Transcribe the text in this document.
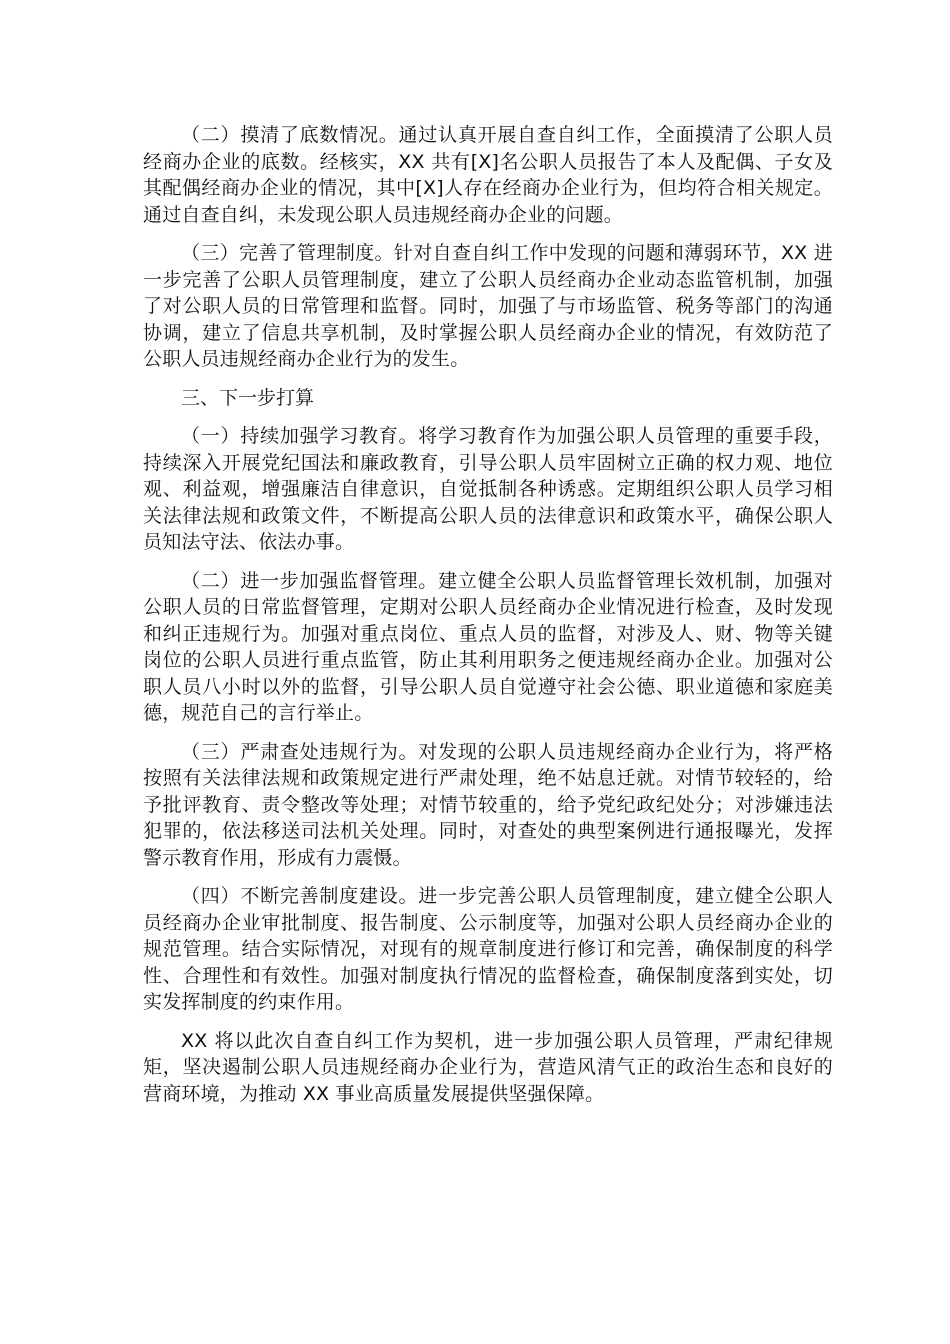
（二）摸清了底数情况。通过认真开展自查自纠工作，全面摸清了公职人员经商办企业的底数。经核实，XX 共有[X]名公职人员报告了本人及配偶、子女及其配偶经商办企业的情况，其中[X]人存在经商办企业行为，但均符合相关规定。通过自查自纠，未发现公职人员违规经商办企业的问题。

（三）完善了管理制度。针对自查自纠工作中发现的问题和薄弱环节，XX 进一步完善了公职人员管理制度，建立了公职人员经商办企业动态监管机制，加强了对公职人员的日常管理和监督。同时，加强了与市场监管、税务等部门的沟通协调，建立了信息共享机制，及时掌握公职人员经商办企业的情况，有效防范了公职人员违规经商办企业行为的发生。

三、下一步打算

（一）持续加强学习教育。将学习教育作为加强公职人员管理的重要手段，持续深入开展党纪国法和廉政教育，引导公职人员牢固树立正确的权力观、地位观、利益观，增强廉洁自律意识，自觉抵制各种诱惑。定期组织公职人员学习相关法律法规和政策文件，不断提高公职人员的法律意识和政策水平，确保公职人员知法守法、依法办事。

（二）进一步加强监督管理。建立健全公职人员监督管理长效机制，加强对公职人员的日常监督管理，定期对公职人员经商办企业情况进行检查，及时发现和纠正违规行为。加强对重点岗位、重点人员的监督，对涉及人、财、物等关键岗位的公职人员进行重点监管，防止其利用职务之便违规经商办企业。加强对公职人员八小时以外的监督，引导公职人员自觉遵守社会公德、职业道德和家庭美德，规范自己的言行举止。

（三）严肃查处违规行为。对发现的公职人员违规经商办企业行为，将严格按照有关法律法规和政策规定进行严肃处理，绝不姑息迁就。对情节较轻的，给予批评教育、责令整改等处理；对情节较重的，给予党纪政纪处分；对涉嫌违法犯罪的，依法移送司法机关处理。同时，对查处的典型案例进行通报曝光，发挥警示教育作用，形成有力震慑。

（四）不断完善制度建设。进一步完善公职人员管理制度，建立健全公职人员经商办企业审批制度、报告制度、公示制度等，加强对公职人员经商办企业的规范管理。结合实际情况，对现有的规章制度进行修订和完善，确保制度的科学性、合理性和有效性。加强对制度执行情况的监督检查，确保制度落到实处，切实发挥制度的约束作用。

XX 将以此次自查自纠工作为契机，进一步加强公职人员管理，严肃纪律规矩，坚决遏制公职人员违规经商办企业行为，营造风清气正的政治生态和良好的营商环境，为推动 XX 事业高质量发展提供坚强保障。
